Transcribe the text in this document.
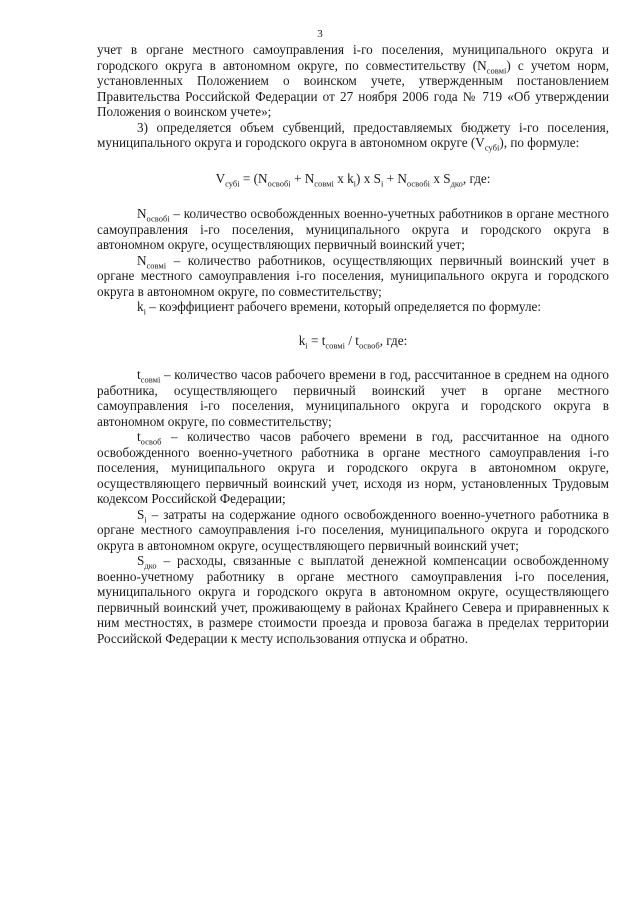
3

учет в органе местного самоуправления i-го поселения, муниципального округа и городского округа в автономном округе, по совместительству $(N_{совмi})$ с учетом норм, установленных Положением о воинском учете, утвержденным постановлением Правительства Российской Федерации от 27 ноября 2006 года № 719 «Об утверждении Положения о воинском учете»;

3) определяется объем субвенций, предоставляемых бюджету i-го поселения, муниципального округа и городского округа в автономном округе $(V_{субi})$, по формуле:

$V_{субi} = (N_{освобi} + N_{совмi}$ x $k_i$) x $S_i + N_{освобi}$ x $S_{дко}$, где:

$N_{освобi}$ – количество освобожденных военно-учетных работников в органе местного самоуправления i-го поселения, муниципального округа и городского округа в автономном округе, осуществляющих первичный воинский учет;

$N_{совмi}$ – количество работников, осуществляющих первичный воинский учет в органе местного самоуправления i-го поселения, муниципального округа и городского округа в автономном округе, по совместительству;

$k_i$ – коэффициент рабочего времени, который определяется по формуле:

$k_i = t_{совмi} / t_{освоб}$, где:

$t_{совмi}$ – количество часов рабочего времени в год, рассчитанное в среднем на одного работника, осуществляющего первичный воинский учет в органе местного самоуправления i-го поселения, муниципального округа и городского округа в автономном округе, по совместительству;

$t_{освоб}$ – количество часов рабочего времени в год, рассчитанное на одного освобожденного военно-учетного работника в органе местного самоуправления i-го поселения, муниципального округа и городского округа в автономном округе, осуществляющего первичный воинский учет, исходя из норм, установленных Трудовым кодексом Российской Федерации;

$S_i$ – затраты на содержание одного освобожденного военно-учетного работника в органе местного самоуправления i-го поселения, муниципального округа и городского округа в автономном округе, осуществляющего первичный воинский учет;

$S_{дко}$ – расходы, связанные с выплатой денежной компенсации освобожденному военно-учетному работнику в органе местного самоуправления i-го поселения, муниципального округа и городского округа в автономном округе, осуществляющего первичный воинский учет, проживающему в районах Крайнего Севера и приравненных к ним местностях, в размере стоимости проезда и провоза багажа в пределах территории Российской Федерации к месту использования отпуска и обратно.
